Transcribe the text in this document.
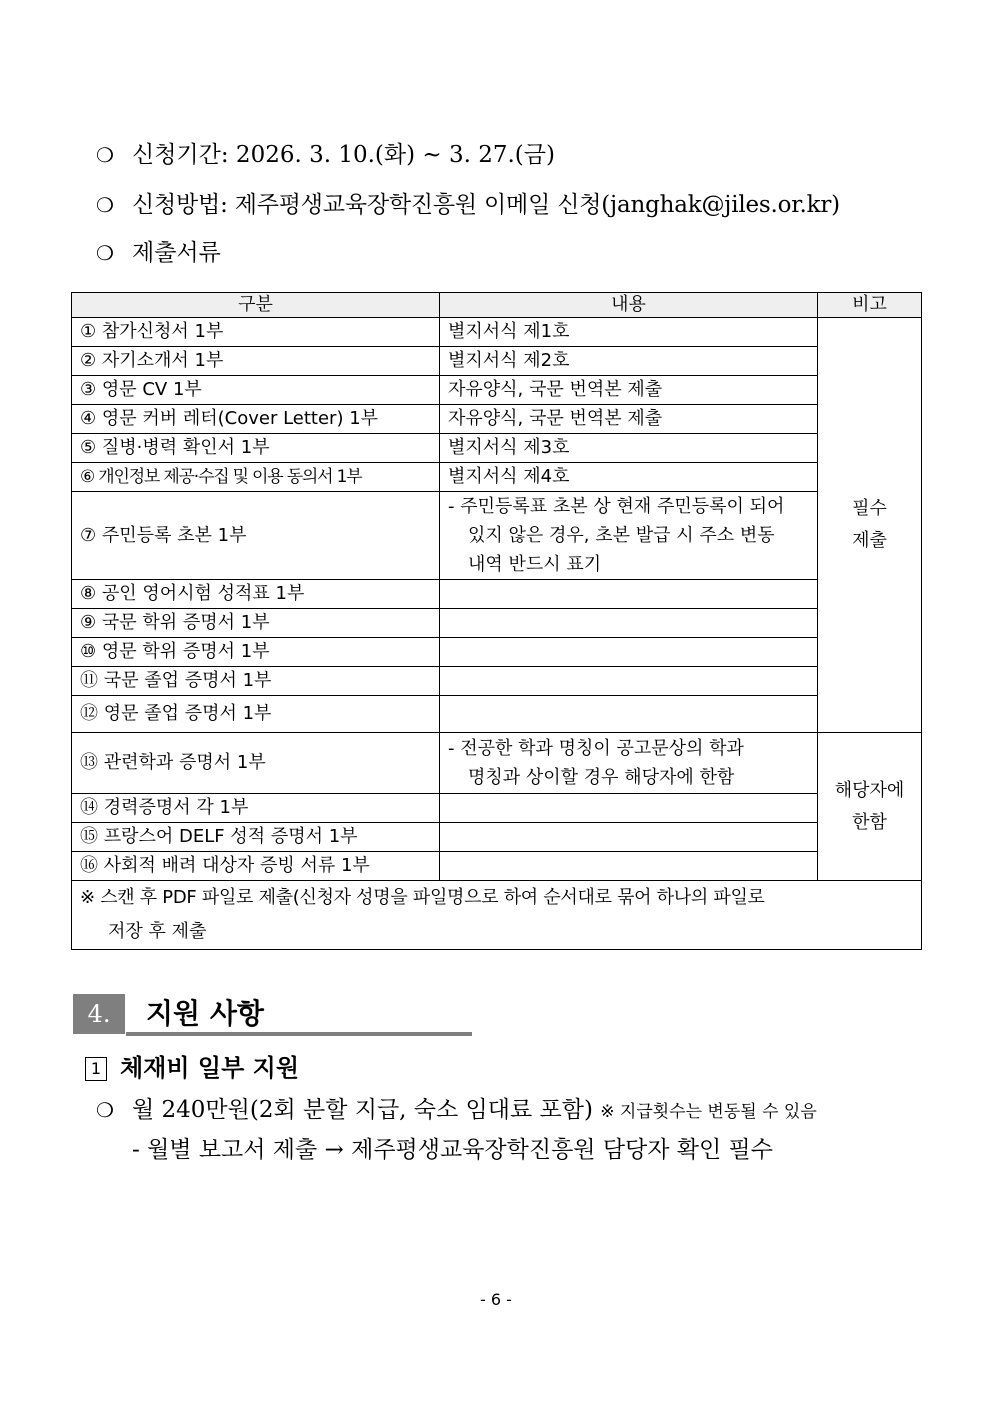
❍ 신청기간: 2026. 3. 10.(화) ~ 3. 27.(금)
❍ 신청방법: 제주평생교육장학진흥원 이메일 신청(janghak@jiles.or.kr)
❍ 제출서류
구분	내용	비고
① 참가신청서 1부	별지서식 제1호	필수
제출

② 자기소개서 1부	별지서식 제2호	
③ 영문 CV 1부	자유양식, 국문 번역본 제출	
④ 영문 커버 레터(Cover Letter) 1부	자유양식, 국문 번역본 제출	
⑤ 질병·병력 확인서 1부	별지서식 제3호	
⑥ 개인정보 제공·수집 및 이용 동의서 1부	별지서식 제4호	
⑦ 주민등록 초본 1부	- 주민등록표 초본 상 현재 주민등록이 되어
있지 않은 경우, 초본 발급 시 주소 변동
내역 반드시 표기	

⑧ 공인 영어시험 성적표 1부		
⑨ 국문 학위 증명서 1부		
⑩ 영문 학위 증명서 1부		
⑪ 국문 졸업 증명서 1부		
⑫ 영문 졸업 증명서 1부		
⑬ 관련학과 증명서 1부	- 전공한 학과 명칭이 공고문상의 학과
명칭과 상이할 경우 해당자에 한함	해당자에
한함

⑭ 경력증명서 각 1부		
⑮ 프랑스어 DELF 성적 증명서 1부		
⑯ 사회적 배려 대상자 증빙 서류 1부		

※ 스캔 후 PDF 파일로 제출(신청자 성명을 파일명으로 하여 순서대로 묶어 하나의 파일로
저장 후 제출		
4.	지원 사항
1 체재비 일부 지원
❍ 월 240만원(2회 분할 지급, 숙소 임대료 포함) ※ 지급횟수는 변동될 수 있음
- 월별 보고서 제출 → 제주평생교육장학진흥원 담당자 확인 필수
- 6 -
